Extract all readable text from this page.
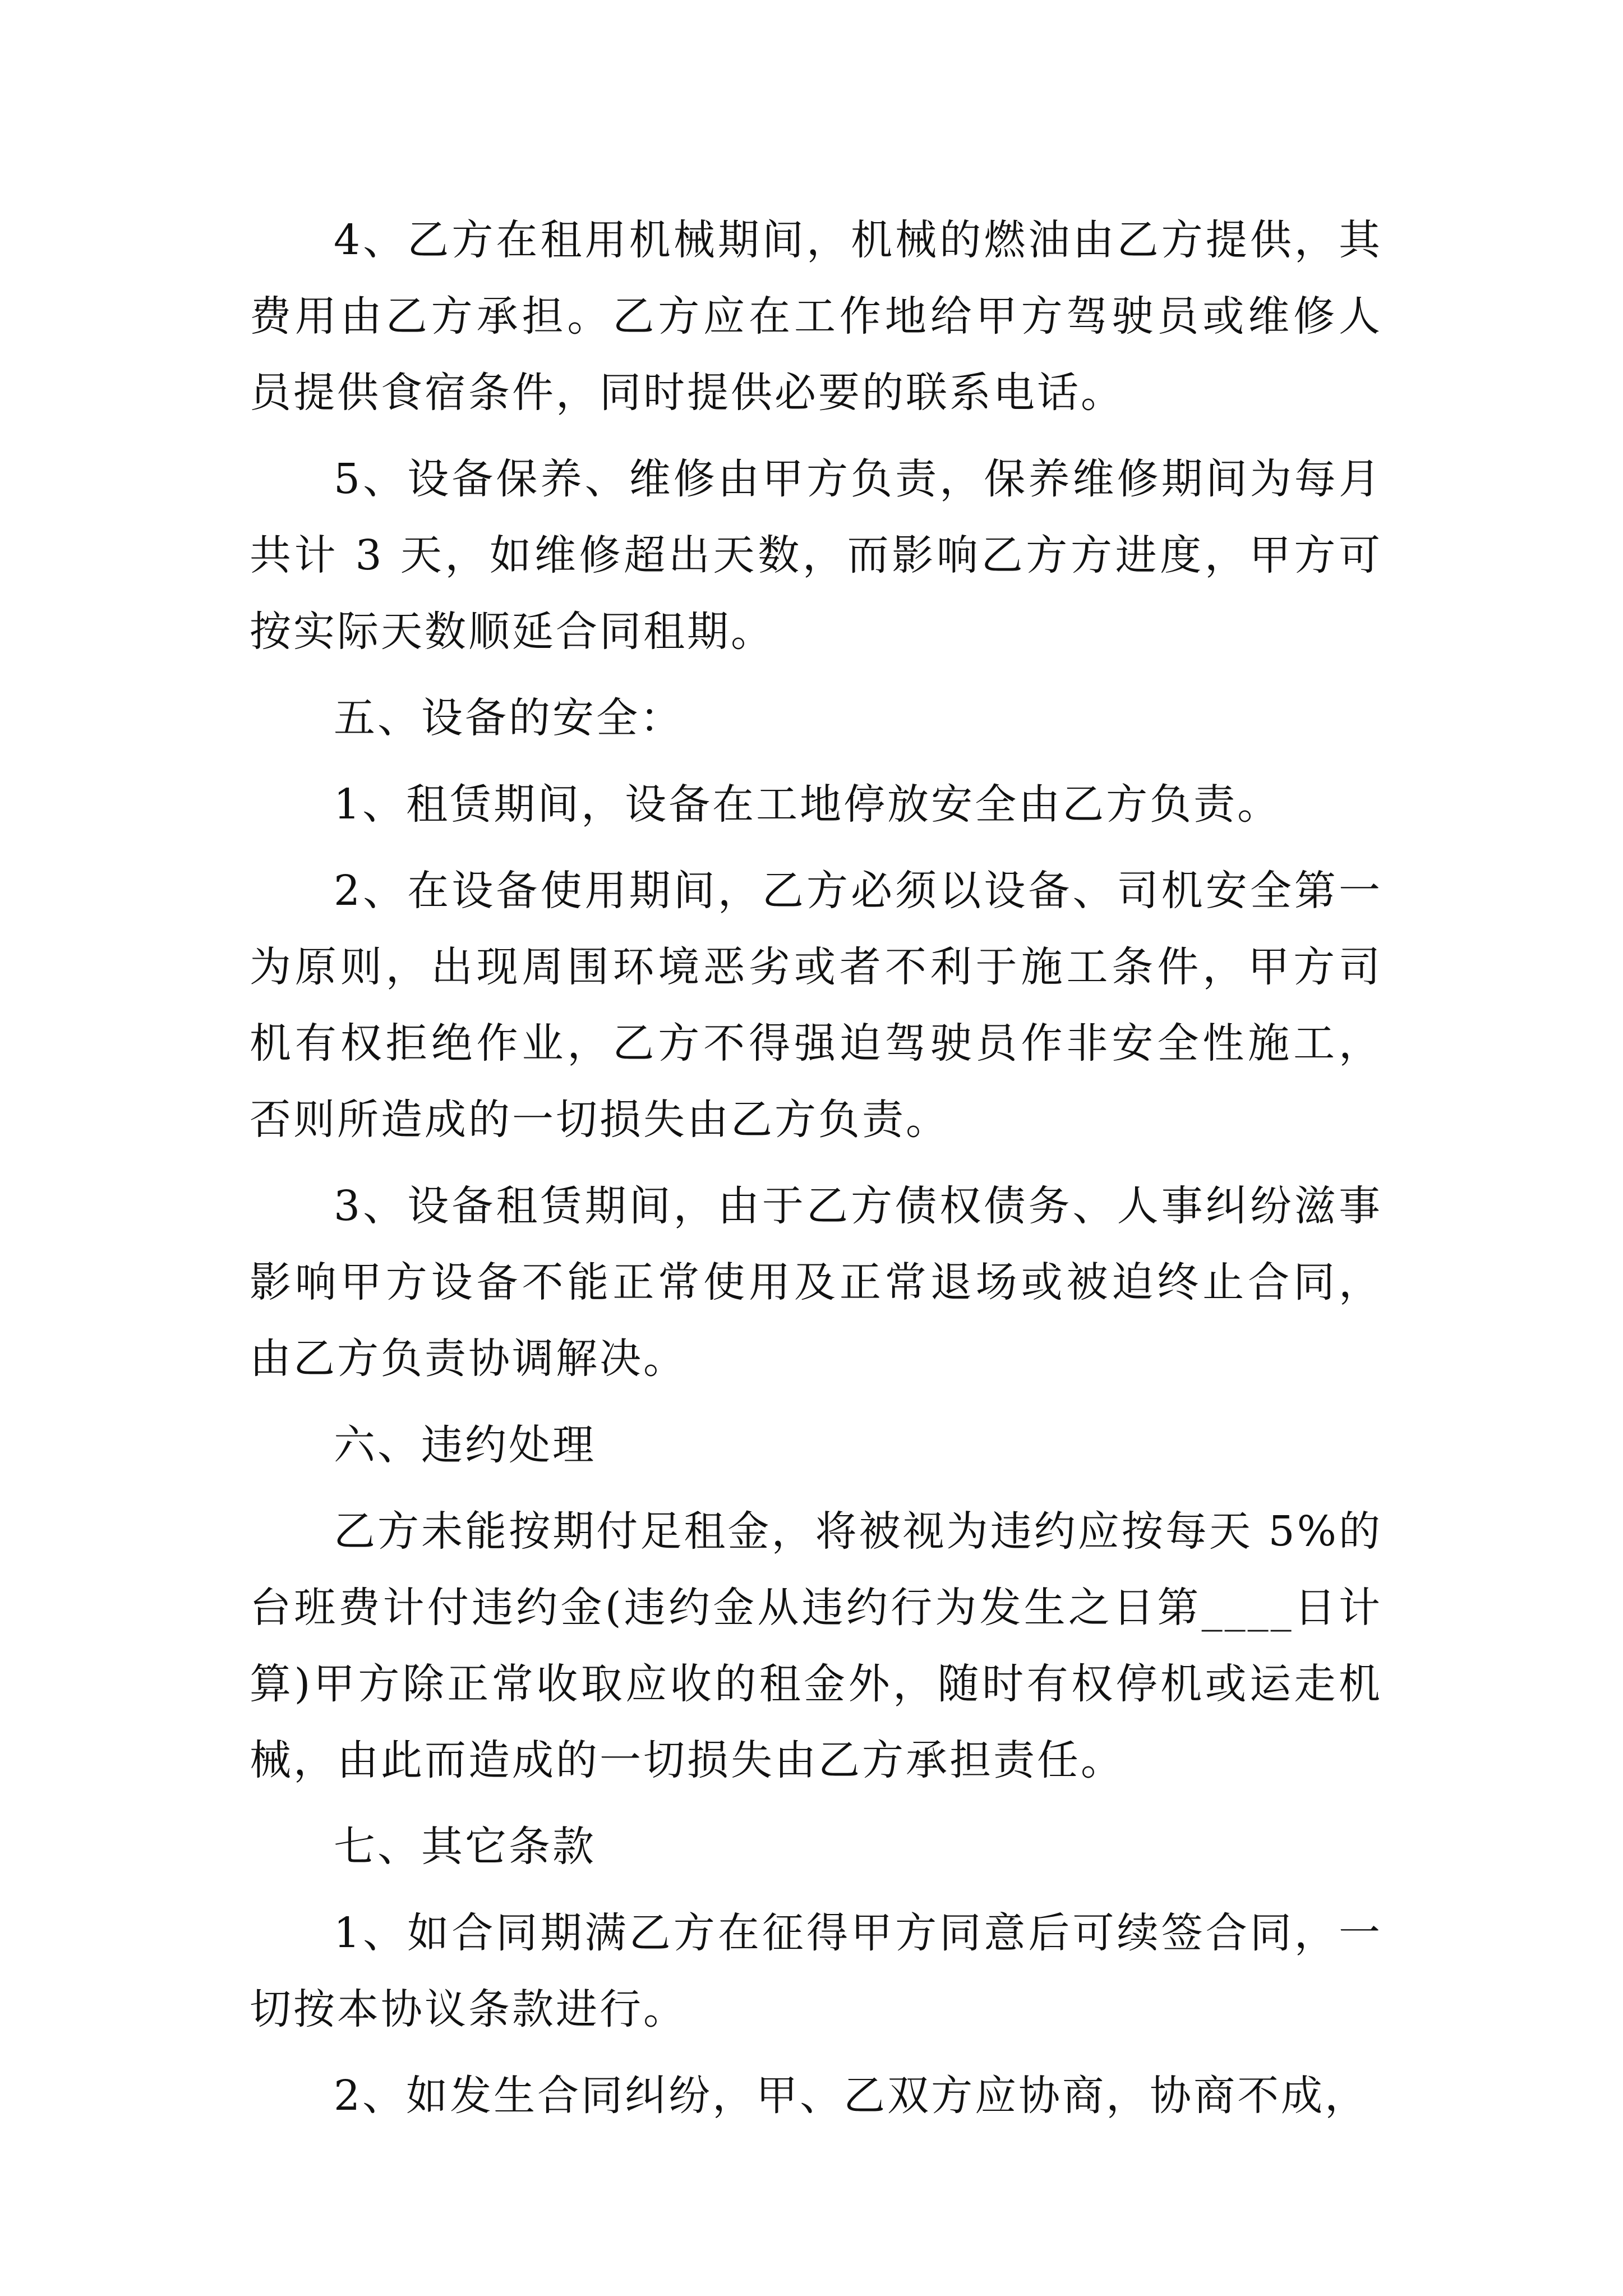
4、乙方在租用机械期间，机械的燃油由乙方提供，其费用由乙方承担。乙方应在工作地给甲方驾驶员或维修人员提供食宿条件，同时提供必要的联系电话。

5、设备保养、维修由甲方负责，保养维修期间为每月共计 3 天，如维修超出天数，而影响乙方方进度，甲方可按实际天数顺延合同租期。

五、设备的安全：

1、租赁期间，设备在工地停放安全由乙方负责。

2、在设备使用期间，乙方必须以设备、司机安全第一为原则，出现周围环境恶劣或者不利于施工条件，甲方司机有权拒绝作业，乙方不得强迫驾驶员作非安全性施工，否则所造成的一切损失由乙方负责。

3、设备租赁期间，由于乙方债权债务、人事纠纷滋事影响甲方设备不能正常使用及正常退场或被迫终止合同，由乙方负责协调解决。

六、违约处理

乙方未能按期付足租金，将被视为违约应按每天 5%的台班费计付违约金(违约金从违约行为发生之日第____日计算)甲方除正常收取应收的租金外，随时有权停机或运走机械，由此而造成的一切损失由乙方承担责任。

七、其它条款

1、如合同期满乙方在征得甲方同意后可续签合同，一切按本协议条款进行。

2、如发生合同纠纷，甲、乙双方应协商，协商不成，
